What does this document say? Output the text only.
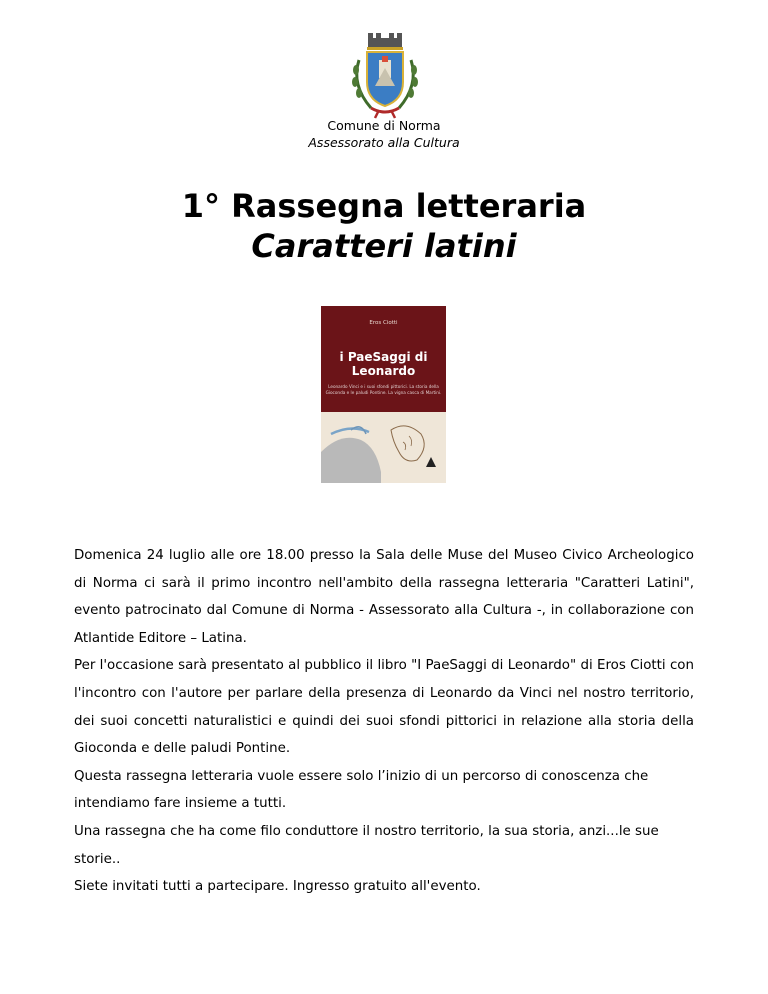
Comune di Norma
Assessorato alla Cultura
1° Rassegna letteraria
Caratteri latini
Eros Ciotti
i PaeSaggi di
Leonardo
Leonardo Vinci e i suoi sfondi pittorici. La storia della Gioconda e le paludi Pontine. La vigna casca di Martini.

Domenica 24 luglio alle ore 18.00 presso la Sala delle Muse del Museo Civico Archeologico di Norma ci sarà il primo incontro nell'ambito della rassegna letteraria "Caratteri Latini", evento patrocinato dal Comune di Norma - Assessorato alla Cultura -, in collaborazione con Atlantide Editore – Latina.

Per l'occasione sarà presentato al pubblico il libro "I PaeSaggi di Leonardo" di Eros Ciotti con l'incontro con l'autore per parlare della presenza di Leonardo da Vinci nel nostro territorio, dei suoi concetti naturalistici e quindi dei suoi sfondi pittorici in relazione alla storia della Gioconda e delle paludi Pontine.

Questa rassegna letteraria vuole essere solo l’inizio di un percorso di conoscenza che intendiamo fare insieme a tutti.

Una rassegna che ha come filo conduttore il nostro territorio, la sua storia, anzi...le sue storie..

Siete invitati tutti a partecipare. Ingresso gratuito all'evento.
